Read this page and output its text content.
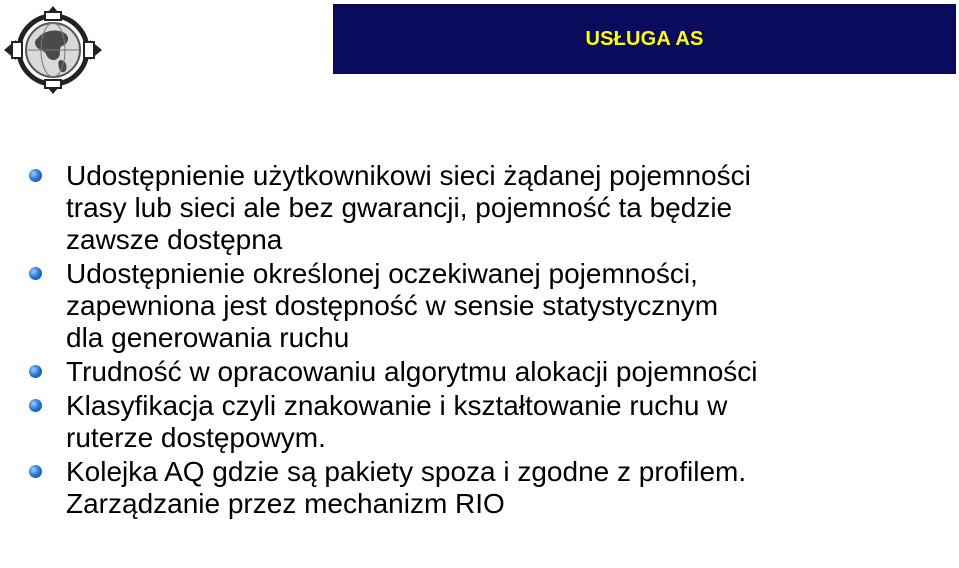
USŁUGA AS
Udostępnienie użytkownikowi sieci żądanej pojemności
trasy lub sieci ale bez gwarancji, pojemność ta będzie
zawsze dostępna
Udostępnienie określonej oczekiwanej pojemności,
zapewniona jest dostępność w sensie statystycznym
dla generowania ruchu
Trudność w opracowaniu algorytmu alokacji pojemności
Klasyfikacja czyli znakowanie i kształtowanie ruchu w
ruterze dostępowym.
Kolejka AQ gdzie są pakiety spoza i zgodne z profilem.
Zarządzanie przez mechanizm RIO
